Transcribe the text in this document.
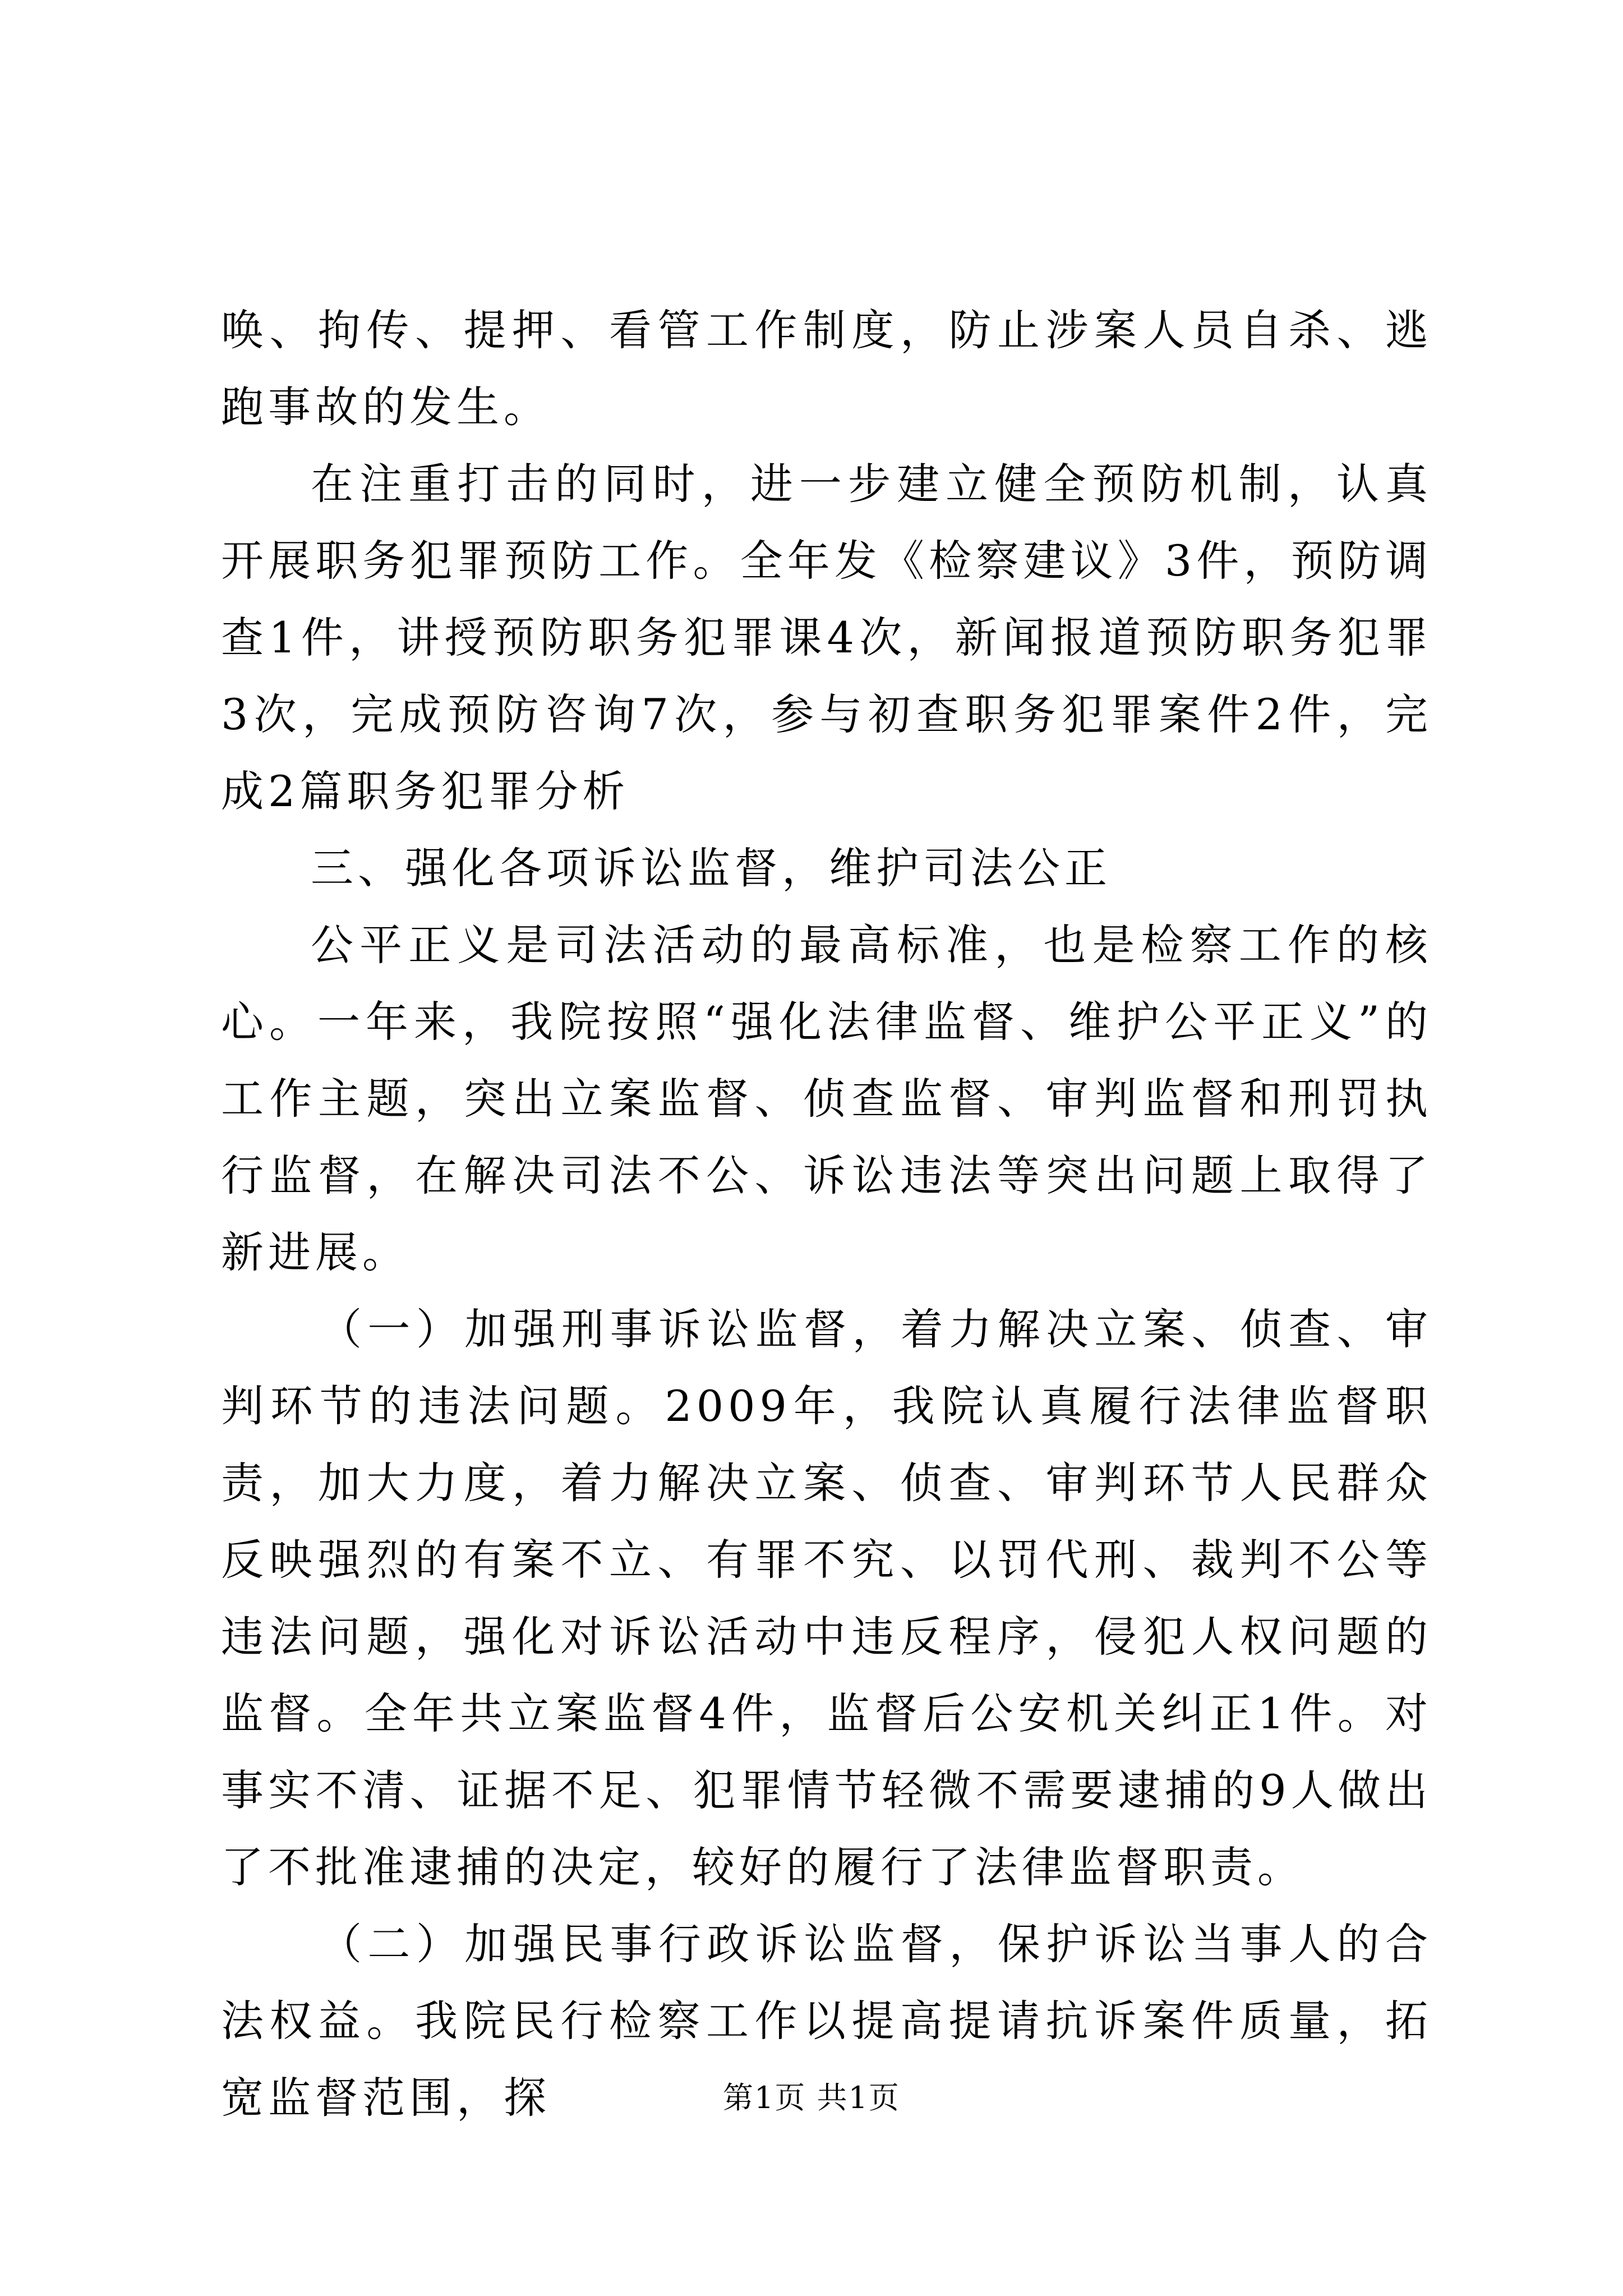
唤、拘传、提押、看管工作制度，防止涉案人员自杀、逃跑事故的发生。

在注重打击的同时，进一步建立健全预防机制，认真开展职务犯罪预防工作。全年发《检察建议》3件，预防调查1件，讲授预防职务犯罪课4次，新闻报道预防职务犯罪3次，完成预防咨询7次，参与初查职务犯罪案件2件，完成2篇职务犯罪分析

三、强化各项诉讼监督，维护司法公正

公平正义是司法活动的最高标准，也是检察工作的核心。一年来，我院按照“强化法律监督、维护公平正义”的工作主题，突出立案监督、侦查监督、审判监督和刑罚执行监督，在解决司法不公、诉讼违法等突出问题上取得了新进展。

（一）加强刑事诉讼监督，着力解决立案、侦查、审判环节的违法问题。2009年，我院认真履行法律监督职责，加大力度，着力解决立案、侦查、审判环节人民群众反映强烈的有案不立、有罪不究、以罚代刑、裁判不公等违法问题，强化对诉讼活动中违反程序，侵犯人权问题的监督。全年共立案监督4件，监督后公安机关纠正1件。对事实不清、证据不足、犯罪情节轻微不需要逮捕的9人做出了不批准逮捕的决定，较好的履行了法律监督职责。

（二）加强民事行政诉讼监督，保护诉讼当事人的合法权益。我院民行检察工作以提高提请抗诉案件质量，拓宽监督范围，探	第1页 共1页
